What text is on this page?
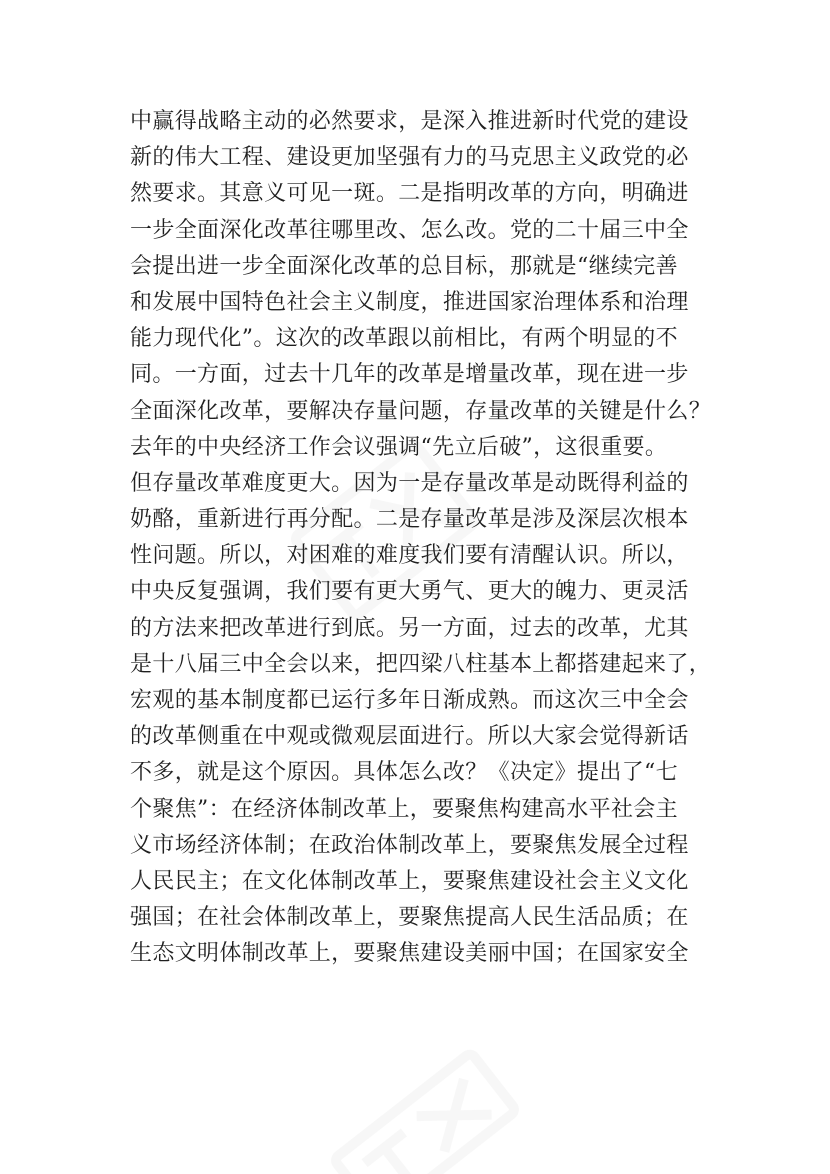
中赢得战略主动的必然要求，是深入推进新时代党的建设
新的伟大工程、建设更加坚强有力的马克思主义政党的必
然要求。其意义可见一斑。二是指明改革的方向，明确进
一步全面深化改革往哪里改、怎么改。党的二十届三中全
会提出进一步全面深化改革的总目标，那就是“继续完善
和发展中国特色社会主义制度，推进国家治理体系和治理
能力现代化”。这次的改革跟以前相比，有两个明显的不
同。一方面，过去十几年的改革是增量改革，现在进一步
全面深化改革，要解决存量问题，存量改革的关键是什么？
去年的中央经济工作会议强调“先立后破”，这很重要。
但存量改革难度更大。因为一是存量改革是动既得利益的
奶酪，重新进行再分配。二是存量改革是涉及深层次根本
性问题。所以，对困难的难度我们要有清醒认识。所以，
中央反复强调，我们要有更大勇气、更大的魄力、更灵活
的方法来把改革进行到底。另一方面，过去的改革，尤其
是十八届三中全会以来，把四梁八柱基本上都搭建起来了，
宏观的基本制度都已运行多年日渐成熟。而这次三中全会
的改革侧重在中观或微观层面进行。所以大家会觉得新话
不多，就是这个原因。具体怎么改？《决定》提出了“七
个聚焦”：在经济体制改革上，要聚焦构建高水平社会主
义市场经济体制；在政治体制改革上，要聚焦发展全过程
人民民主；在文化体制改革上，要聚焦建设社会主义文化
强国；在社会体制改革上，要聚焦提高人民生活品质；在
生态文明体制改革上，要聚焦建设美丽中国；在国家安全
